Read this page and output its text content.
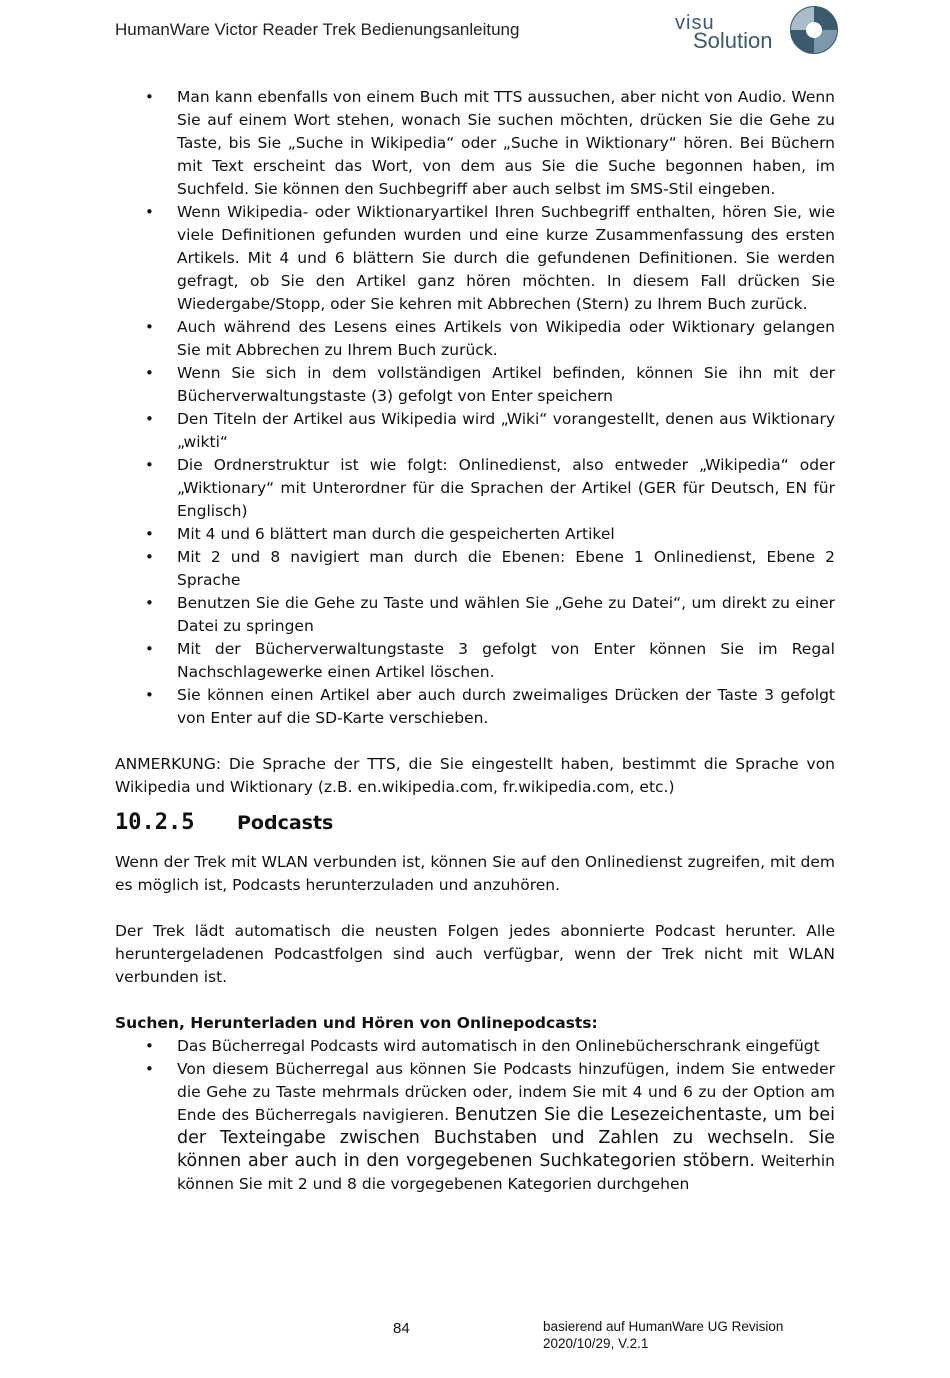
HumanWare Victor Reader Trek Bedienungsanleitung	visu
Solution
• Man kann ebenfalls von einem Buch mit TTS aussuchen, aber nicht von Audio. Wenn Sie auf einem Wort stehen, wonach Sie suchen möchten, drücken Sie die Gehe zu Taste, bis Sie „Suche in Wikipedia“ oder „Suche in Wiktionary“ hören. Bei Büchern mit Text erscheint das Wort, von dem aus Sie die Suche begonnen haben, im Suchfeld. Sie können den Suchbegriff aber auch selbst im SMS-Stil eingeben.
• Wenn Wikipedia- oder Wiktionaryartikel Ihren Suchbegriff enthalten, hören Sie, wie viele Definitionen gefunden wurden und eine kurze Zusammenfassung des ersten Artikels. Mit 4 und 6 blättern Sie durch die gefundenen Definitionen. Sie werden gefragt, ob Sie den Artikel ganz hören möchten. In diesem Fall drücken Sie Wiedergabe/Stopp, oder Sie kehren mit Abbrechen (Stern) zu Ihrem Buch zurück.
• Auch während des Lesens eines Artikels von Wikipedia oder Wiktionary gelangen Sie mit Abbrechen zu Ihrem Buch zurück.
• Wenn Sie sich in dem vollständigen Artikel befinden, können Sie ihn mit der Bücherverwaltungstaste (3) gefolgt von Enter speichern
• Den Titeln der Artikel aus Wikipedia wird „Wiki“ vorangestellt, denen aus Wiktionary „wikti“
• Die Ordnerstruktur ist wie folgt: Onlinedienst, also entweder „Wikipedia“ oder „Wiktionary“ mit Unterordner für die Sprachen der Artikel (GER für Deutsch, EN für Englisch)
• Mit 4 und 6 blättert man durch die gespeicherten Artikel
• Mit 2 und 8 navigiert man durch die Ebenen: Ebene 1 Onlinedienst, Ebene 2 Sprache
• Benutzen Sie die Gehe zu Taste und wählen Sie „Gehe zu Datei“, um direkt zu einer Datei zu springen
• Mit der Bücherverwaltungstaste 3 gefolgt von Enter können Sie im Regal Nachschlagewerke einen Artikel löschen.
• Sie können einen Artikel aber auch durch zweimaliges Drücken der Taste 3 gefolgt von Enter auf die SD-Karte verschieben.

ANMERKUNG: Die Sprache der TTS, die Sie eingestellt haben, bestimmt die Sprache von Wikipedia und Wiktionary (z.B. en.wikipedia.com, fr.wikipedia.com, etc.)

10.2.5	Podcasts

Wenn der Trek mit WLAN verbunden ist, können Sie auf den Onlinedienst zugreifen, mit dem es möglich ist, Podcasts herunterzuladen und anzuhören.

Der Trek lädt automatisch die neusten Folgen jedes abonnierte Podcast herunter. Alle heruntergeladenen Podcastfolgen sind auch verfügbar, wenn der Trek nicht mit WLAN verbunden ist.

Suchen, Herunterladen und Hören von Onlinepodcasts:

• Das Bücherregal Podcasts wird automatisch in den Onlinebücherschrank eingefügt
• Von diesem Bücherregal aus können Sie Podcasts hinzufügen, indem Sie entweder die Gehe zu Taste mehrmals drücken oder, indem Sie mit 4 und 6 zu der Option am Ende des Bücherregals navigieren. Benutzen Sie die Lesezeichentaste, um bei der Texteingabe zwischen Buchstaben und Zahlen zu wechseln. Sie können aber auch in den vorgegebenen Suchkategorien stöbern. Weiterhin können Sie mit 2 und 8 die vorgegebenen Kategorien durchgehen
84	basierend auf HumanWare UG Revision
2020/10/29, V.2.1
